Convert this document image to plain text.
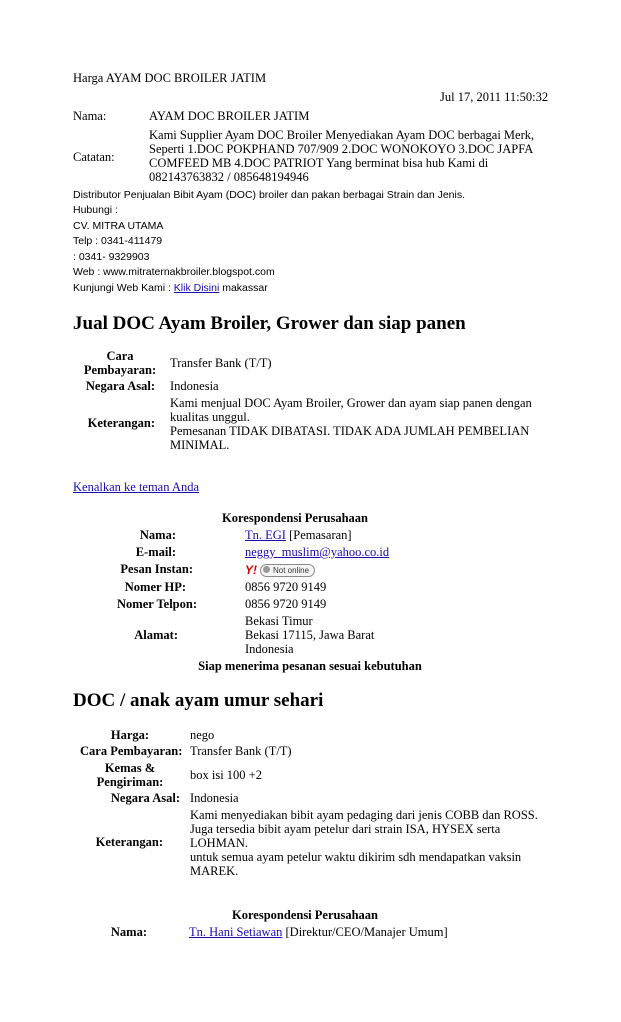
Harga AYAM DOC BROILER JATIM
Jul 17, 2011 11:50:32
Nama:	AYAM DOC BROILER JATIM
Catatan:
Kami Supplier Ayam DOC Broiler Menyediakan Ayam DOC berbagai Merk,
Seperti 1.DOC POKPHAND 707/909 2.DOC WONOKOYO 3.DOC JAPFA
COMFEED MB 4.DOC PATRIOT Yang berminat bisa hub Kami di
082143763832 / 085648194946
Distributor Penjualan Bibit Ayam (DOC) broiler dan pakan berbagai Strain dan Jenis.
Hubungi :
CV. MITRA UTAMA
Telp : 0341-411479
: 0341- 9329903
Web : www.mitraternakbroiler.blogspot.com
Kunjungi Web Kami : Klik Disini makassar
Jual DOC Ayam Broiler, Grower dan siap panen
Cara
Pembayaran:	Transfer Bank (T/T)
Negara Asal: Indonesia
Keterangan:
Kami menjual DOC Ayam Broiler, Grower dan ayam siap panen dengan
kualitas unggul.
Pemesanan TIDAK DIBATASI. TIDAK ADA JUMLAH PEMBELIAN
MINIMAL.
Kenalkan ke teman Anda
Korespondensi Perusahaan
Nama:	Tn. EGI [Pemasaran]
E-mail:	neggy_muslim@yahoo.co.id
Pesan Instan:	Y! Not online
Nomer HP:	0856 9720 9149
Nomer Telpon:	0856 9720 9149
Alamat:
Bekasi Timur
Bekasi 17115, Jawa Barat
Indonesia
Siap menerima pesanan sesuai kebutuhan
DOC / anak ayam umur sehari
Harga:	nego
Cara Pembayaran: Transfer Bank (T/T)
Kemas &
Pengiriman:	box isi 100 +2
Negara Asal: Indonesia
Keterangan:
Kami menyediakan bibit ayam pedaging dari jenis COBB dan ROSS.
Juga tersedia bibit ayam petelur dari strain ISA, HYSEX serta
LOHMAN.
untuk semua ayam petelur waktu dikirim sdh mendapatkan vaksin
MAREK.
Korespondensi Perusahaan
Nama:	Tn. Hani Setiawan [Direktur/CEO/Manajer Umum]
